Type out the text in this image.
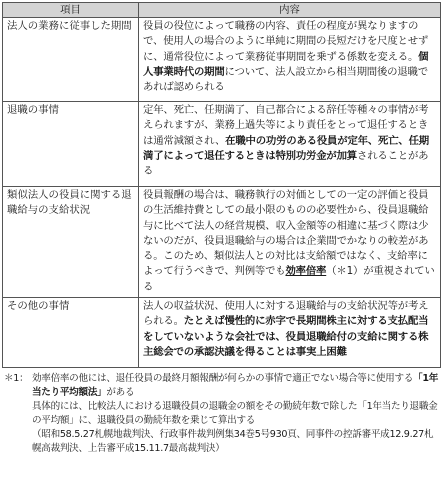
項目	内容
法人の業務に従事した期間	役員の役位によって職務の内容、責任の程度が異なりますので、使用人の場合のように単純に期間の長短だけを尺度とせずに、通常役位によって業務従事期間を乗ずる係数を変える。個人事業時代の期間について、法人設立から相当期間後の退職であれば認められる
退職の事情	定年、死亡、任期満了、自己都合による辞任等種々の事情が考えられますが、業務上過失等により責任をとって退任するときは通常減額され、在職中の功労のある役員が定年、死亡、任期満了によって退任するときは特別功労金が加算されることがある
類似法人の役員に関する退職給与の支給状況	役員報酬の場合は、職務執行の対価としての一定の評価と役員の生活維持費としての最小限のものの必要性から、役員退職給与に比べて法人の経営規模、収入金額等の相違に基づく際は少ないのだが、役員退職給与の場合は企業間でかなりの較差がある。このため、類似法人との対比は支給額ではなく、支給率によって行うべきで、判例等でも効率倍率（＊1）が重視されている
その他の事情	法人の収益状況、使用人に対する退職給与の支給状況等が考えられる。たとえば慢性的に赤字で長期間株主に対する支払配当をしていないような会社では、役員退職給付の支給に関する株主総会での承認決議を得ることは事実上困難
＊1： 効率倍率の他には、退任役員の最終月額報酬が何らかの事情で適正でない場合等に使用する「1年当たり平均額法」がある
具体的には、比較法人における退職役員の退職金の額をその勤続年数で除した「1年当たり退職金の平均額」に、退職役員の勤続年数を乗じて算出する
（昭和58.5.27札幌地裁判決、行政事件裁判例集34巻5号930頁、同事件の控訴審平成12.9.27札幌高裁判決、上告審平成15.11.7最高裁判決）
